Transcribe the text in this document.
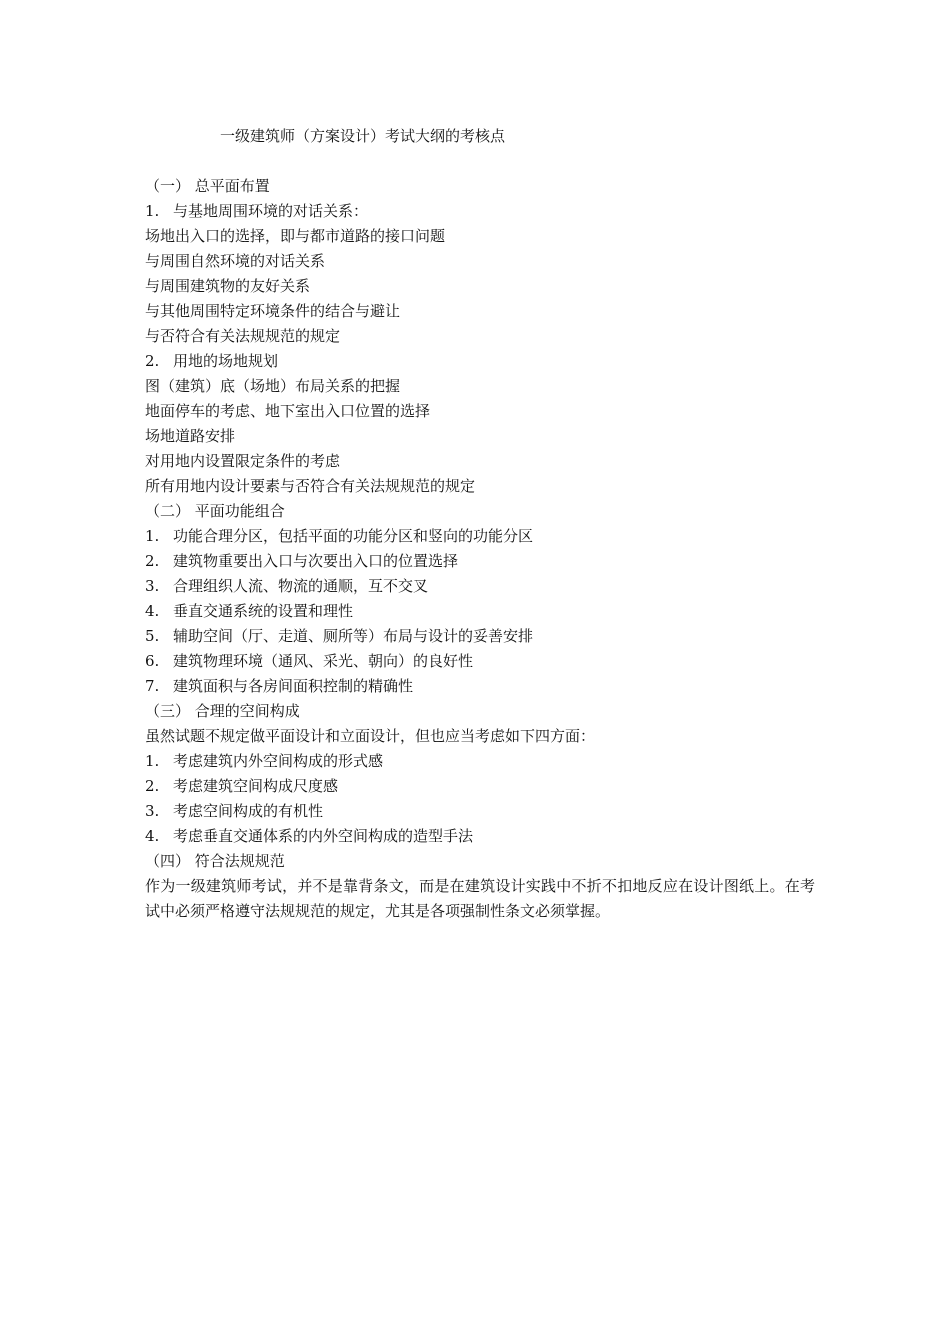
一级建筑师（方案设计）考试大纲的考核点
（一） 总平面布置
1. 与基地周围环境的对话关系：
场地出入口的选择，即与都市道路的接口问题
与周围自然环境的对话关系
与周围建筑物的友好关系
与其他周围特定环境条件的结合与避让
与否符合有关法规规范的规定
2. 用地的场地规划
图（建筑）底（场地）布局关系的把握
地面停车的考虑、地下室出入口位置的选择
场地道路安排
对用地内设置限定条件的考虑
所有用地内设计要素与否符合有关法规规范的规定
（二） 平面功能组合
1. 功能合理分区，包括平面的功能分区和竖向的功能分区
2. 建筑物重要出入口与次要出入口的位置选择
3. 合理组织人流、物流的通顺，互不交叉
4. 垂直交通系统的设置和理性
5. 辅助空间（厅、走道、厕所等）布局与设计的妥善安排
6. 建筑物理环境（通风、采光、朝向）的良好性
7. 建筑面积与各房间面积控制的精确性
（三） 合理的空间构成
虽然试题不规定做平面设计和立面设计，但也应当考虑如下四方面：
1. 考虑建筑内外空间构成的形式感
2. 考虑建筑空间构成尺度感
3. 考虑空间构成的有机性
4. 考虑垂直交通体系的内外空间构成的造型手法
（四） 符合法规规范
作为一级建筑师考试，并不是靠背条文，而是在建筑设计实践中不折不扣地反应在设计图纸上。在考试中必须严格遵守法规规范的规定，尤其是各项强制性条文必须掌握。
